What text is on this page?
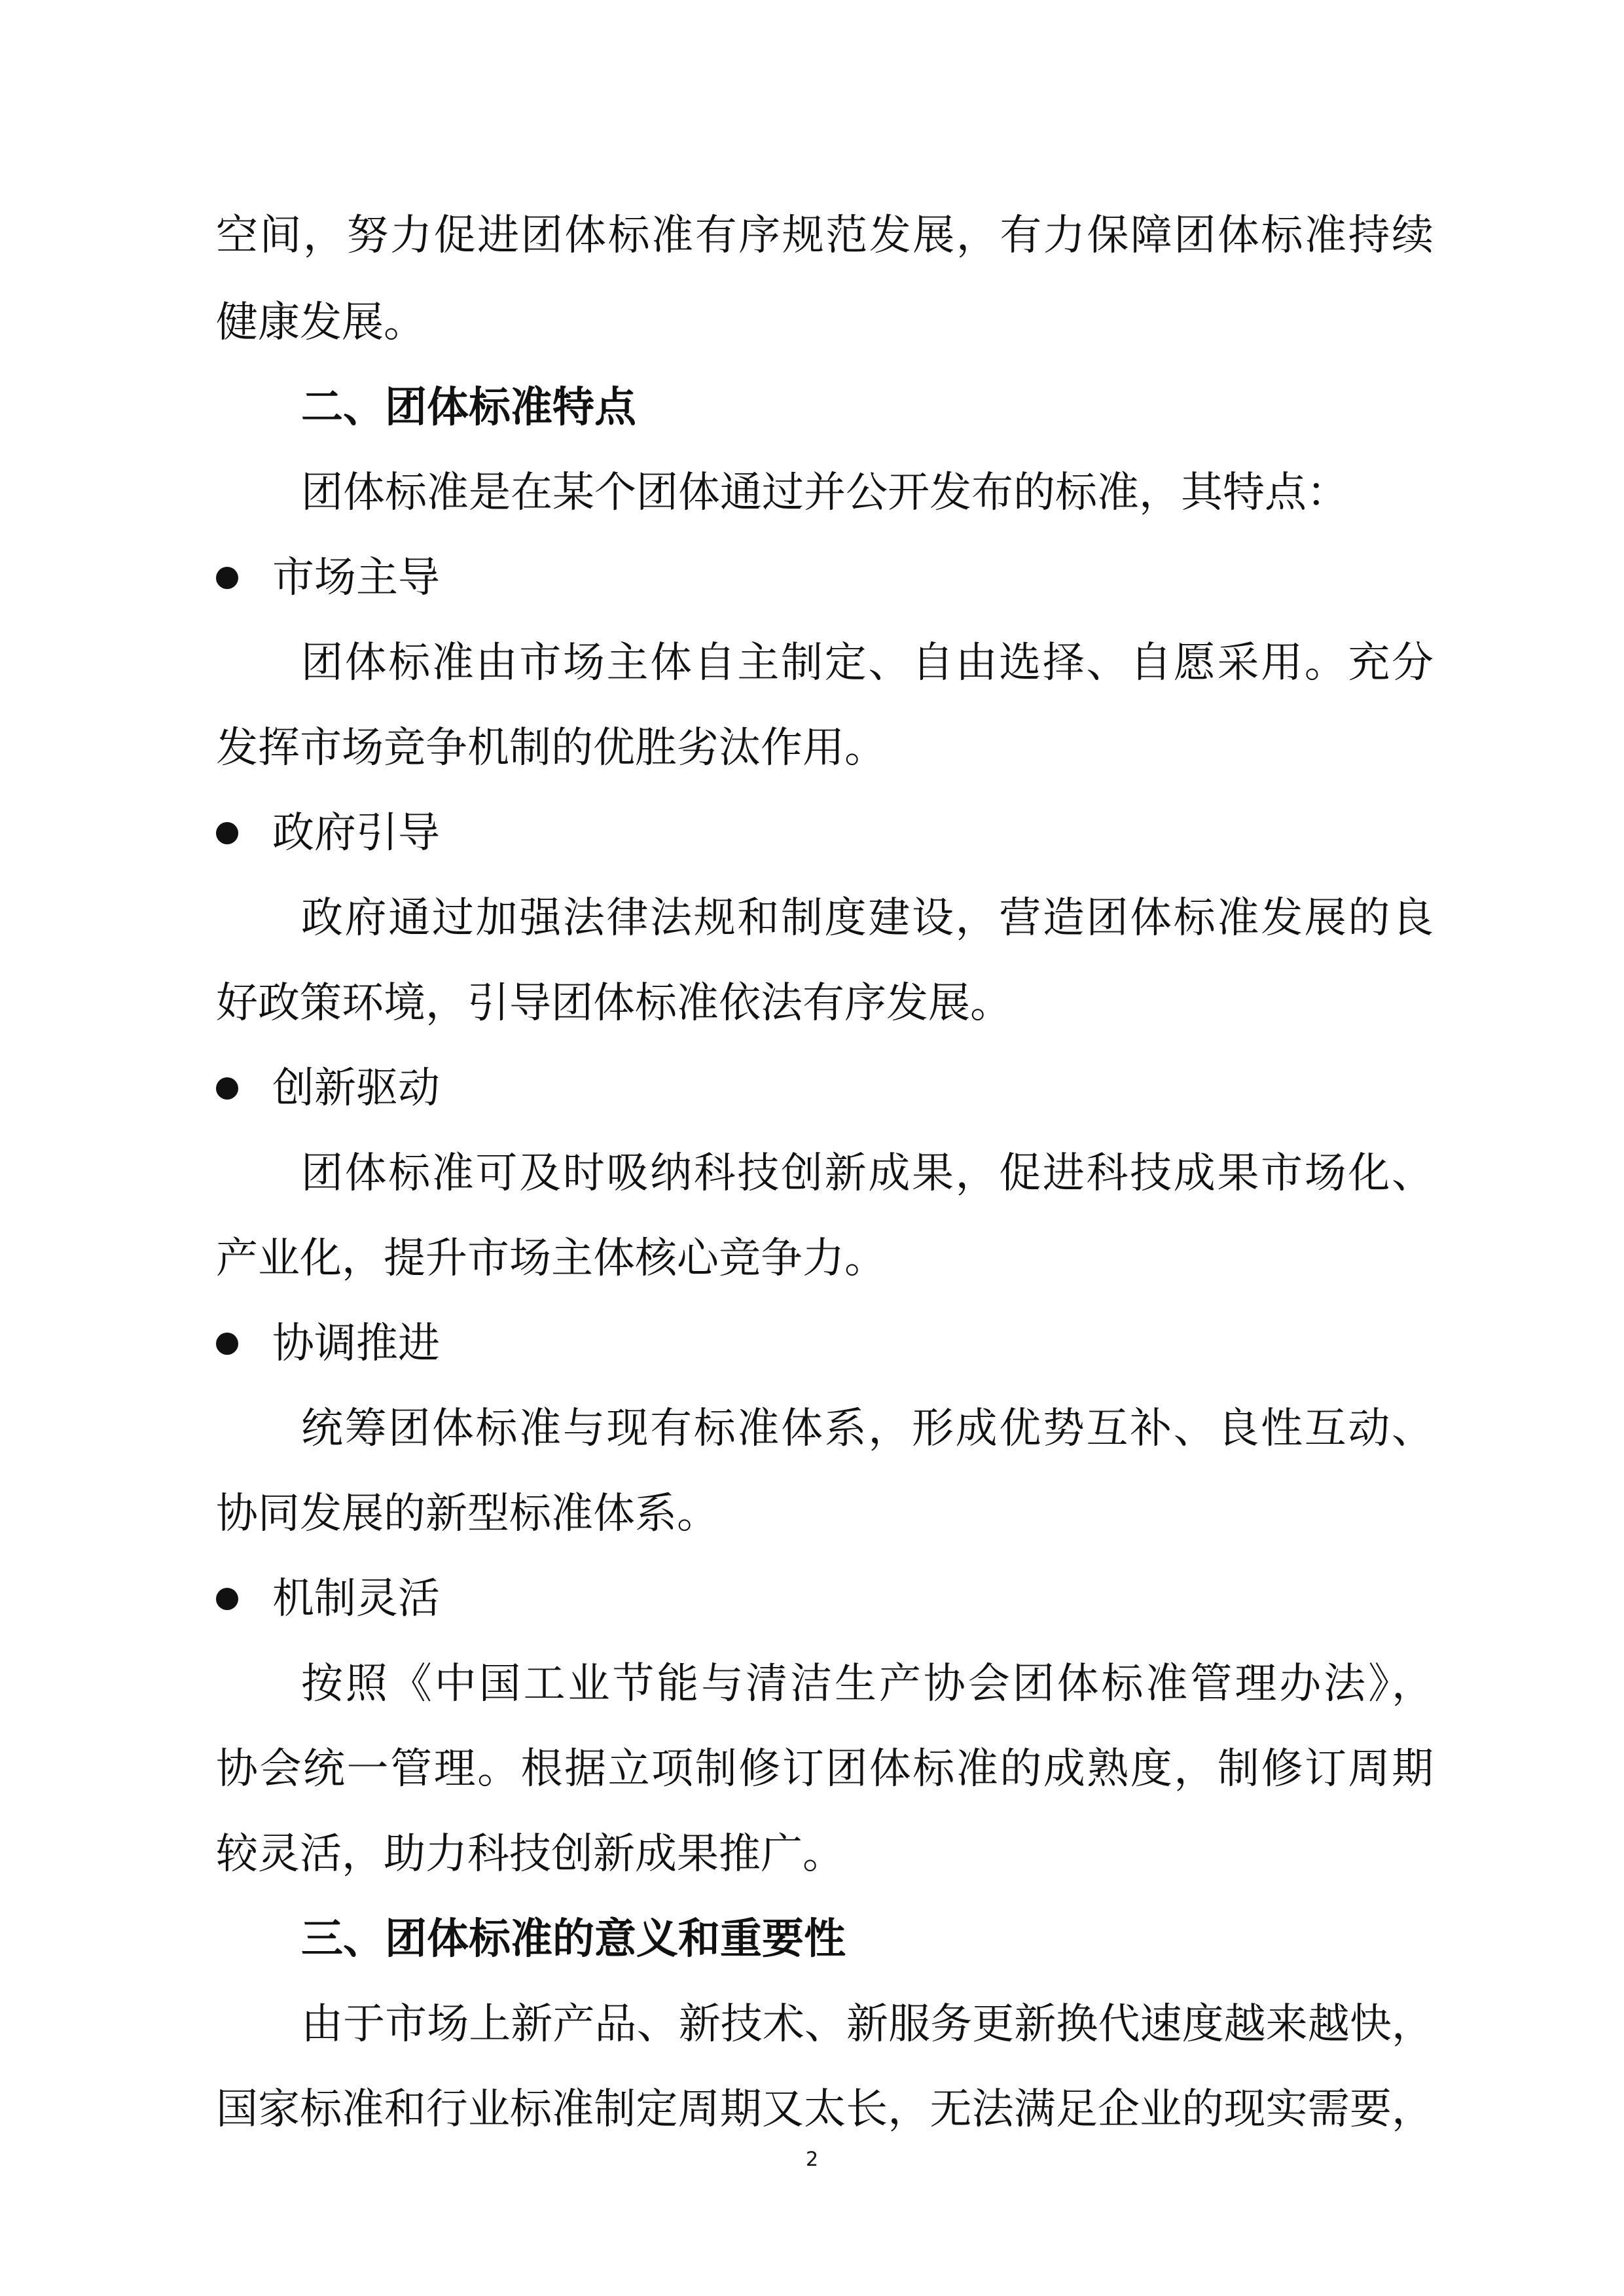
空间，努力促进团体标准有序规范发展，有力保障团体标准持续

健康发展。

二、团体标准特点

团体标准是在某个团体通过并公开发布的标准，其特点：

市场主导

团体标准由市场主体自主制定、自由选择、自愿采用。充分

发挥市场竞争机制的优胜劣汰作用。

政府引导

政府通过加强法律法规和制度建设，营造团体标准发展的良

好政策环境，引导团体标准依法有序发展。

创新驱动

团体标准可及时吸纳科技创新成果，促进科技成果市场化、

产业化，提升市场主体核心竞争力。

协调推进

统筹团体标准与现有标准体系，形成优势互补、良性互动、

协同发展的新型标准体系。

机制灵活

按照《中国工业节能与清洁生产协会团体标准管理办法》，

协会统一管理。根据立项制修订团体标准的成熟度，制修订周期

较灵活，助力科技创新成果推广。

三、团体标准的意义和重要性

由于市场上新产品、新技术、新服务更新换代速度越来越快，

国家标准和行业标准制定周期又太长，无法满足企业的现实需要，

2
